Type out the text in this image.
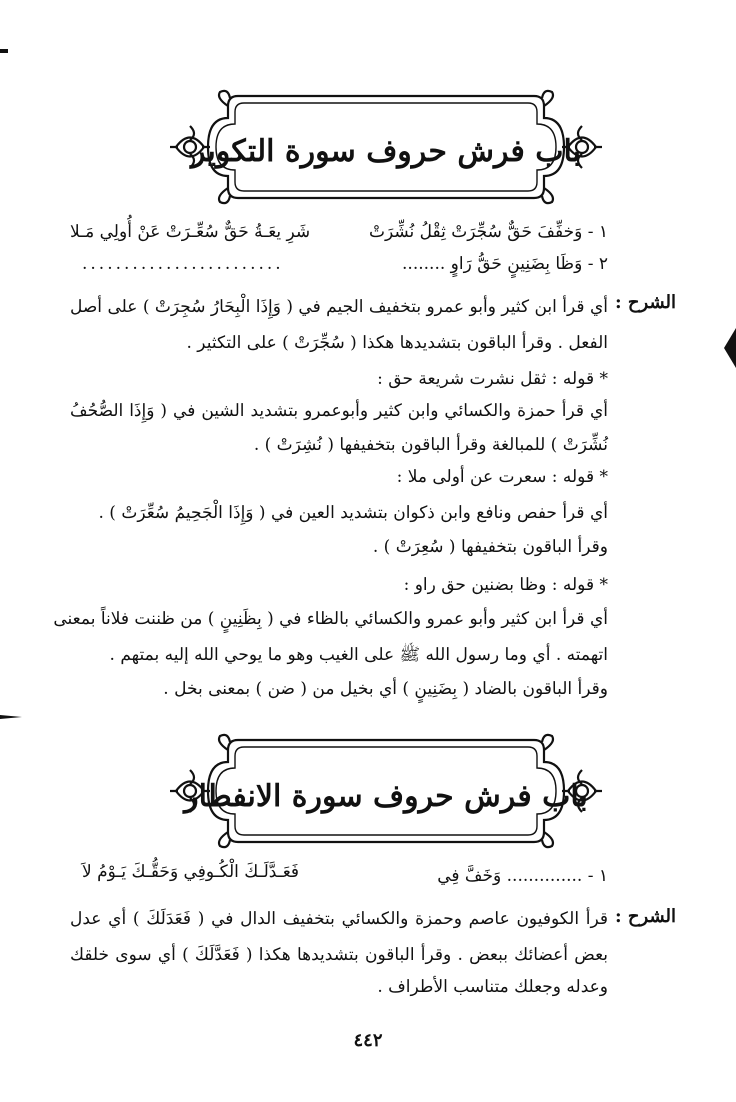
باب فرش حروف سورة التكوير
١ - وَخفِّفَ حَقٌّ سُجِّرَتْ ثِقْلُ نُشِّرَتْ
شَرِ يعَـةُ حَقٌّ سُعِّـرَتْ عَنْ أُولِي مَـلا
٢ - وَظَا بِضَنِينٍ حَقُّ رَاوٍ ........
........................
الشرح :
أي قرأ ابن كثير وأبو عمرو بتخفيف الجيم في ( وَإِذَا الْبِحَارُ سُجِرَتْ ) على أصل
الفعل . وقرأ الباقون بتشديدها هكذا ( سُجِّرَتْ ) على التكثير .
* قوله : ثقل نشرت شريعة حق :
أي قرأ حمزة والكسائي وابن كثير وأبوعمرو بتشديد الشين في ( وَإِذَا الصُّحُفُ
نُشِّرَتْ ) للمبالغة وقرأ الباقون بتخفيفها ( نُشِرَتْ ) .
* قوله : سعرت عن أولى ملا :
أي قرأ حفص ونافع وابن ذكوان بتشديد العين في ( وَإِذَا الْجَحِيمُ سُعِّرَتْ ) .
وقرأ الباقون بتخفيفها ( سُعِرَتْ ) .
* قوله : وظا بضنين حق راو :
أي قرأ ابن كثير وأبو عمرو والكسائي بالظاء في ( بِظَنِينٍ ) من ظننت فلاناً بمعنى
اتهمته . أي وما رسول الله ﷺ على الغيب وهو ما يوحي الله إليه بمتهم .
وقرأ الباقون بالضاد ( بِضَنِينٍ ) أي بخيل من ( ضن ) بمعنى بخل .
باب فرش حروف سورة الانفطار
١ - .............. وَخَفَّ فِي
فَعَـدَّلَـكَ الْكُـوفِي وَحَقُّـكَ يَـوْمُ لاَ
الشرح :
قرأ الكوفيون عاصم وحمزة والكسائي بتخفيف الدال في ( فَعَدَلَكَ ) أي عدل
بعض أعضائك ببعض . وقرأ الباقون بتشديدها هكذا ( فَعَدَّلَكَ ) أي سوى خلقك
وعدله وجعلك متناسب الأطراف .
٤٤٢
